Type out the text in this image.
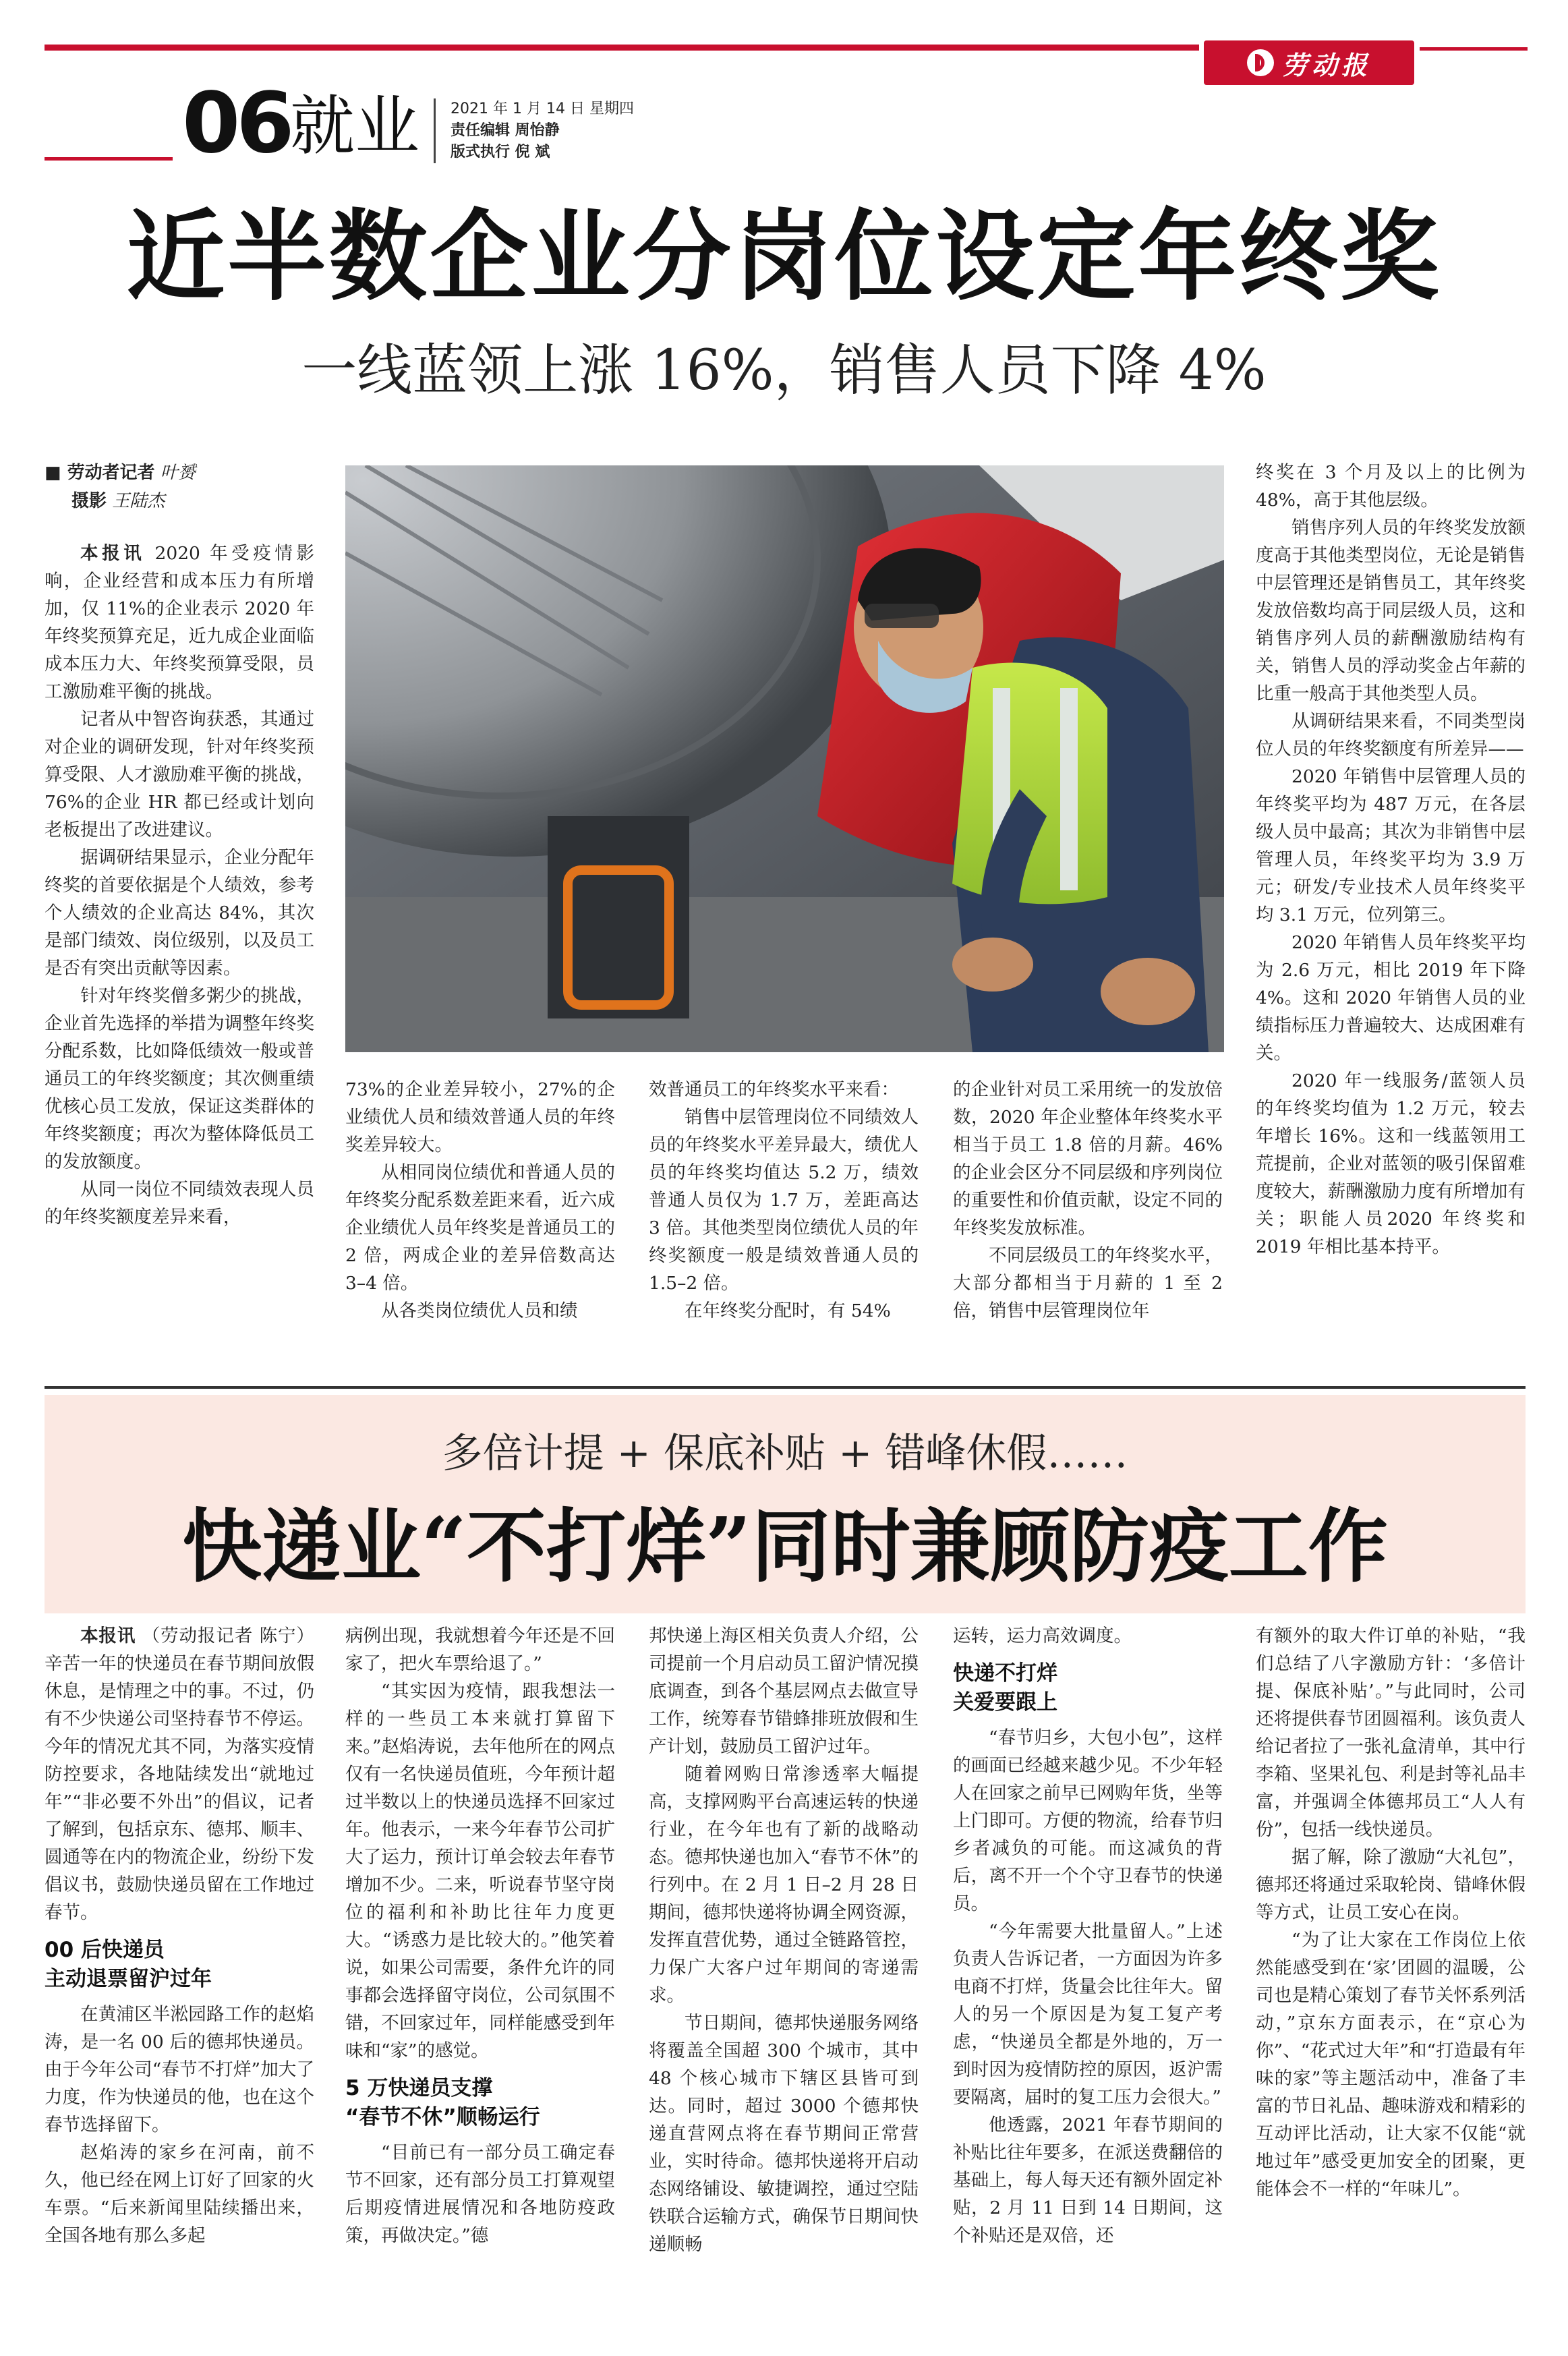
劳动报
06 就业 2021 年 1 月 14 日 星期四
责任编辑 周怡静
版式执行 倪 斌
近半数企业分岗位设定年终奖
一线蓝领上涨 16%，销售人员下降 4%
■ 劳动者记者 叶赟
摄影 王陆杰

本报讯 2020 年受疫情影响，企业经营和成本压力有所增加，仅 11%的企业表示 2020 年年终奖预算充足，近九成企业面临成本压力大、年终奖预算受限，员工激励难平衡的挑战。

记者从中智咨询获悉，其通过对企业的调研发现，针对年终奖预算受限、人才激励难平衡的挑战，76%的企业 HR 都已经或计划向老板提出了改进建议。

据调研结果显示，企业分配年终奖的首要依据是个人绩效，参考个人绩效的企业高达 84%，其次是部门绩效、岗位级别，以及员工是否有突出贡献等因素。

针对年终奖僧多粥少的挑战，企业首先选择的举措为调整年终奖分配系数，比如降低绩效一般或普通员工的年终奖额度；其次侧重绩优核心员工发放，保证这类群体的年终奖额度；再次为整体降低员工的发放额度。

从同一岗位不同绩效表现人员的年终奖额度差异来看，

73%的企业差异较小，27%的企业绩优人员和绩效普通人员的年终奖差异较大。

从相同岗位绩优和普通人员的年终奖分配系数差距来看，近六成企业绩优人员年终奖是普通员工的 2 倍，两成企业的差异倍数高达 3–4 倍。

从各类岗位绩优人员和绩

效普通员工的年终奖水平来看：

销售中层管理岗位不同绩效人员的年终奖水平差异最大，绩优人员的年终奖均值达 5.2 万，绩效普通人员仅为 1.7 万，差距高达 3 倍。其他类型岗位绩优人员的年终奖额度一般是绩效普通人员的 1.5–2 倍。

在年终奖分配时，有 54%

的企业针对员工采用统一的发放倍数，2020 年企业整体年终奖水平相当于员工 1.8 倍的月薪。46%的企业会区分不同层级和序列岗位的重要性和价值贡献，设定不同的年终奖发放标准。

不同层级员工的年终奖水平，大部分都相当于月薪的 1 至 2 倍，销售中层管理岗位年

终奖在 3 个月及以上的比例为 48%，高于其他层级。

销售序列人员的年终奖发放额度高于其他类型岗位，无论是销售中层管理还是销售员工，其年终奖发放倍数均高于同层级人员，这和销售序列人员的薪酬激励结构有关，销售人员的浮动奖金占年薪的比重一般高于其他类型人员。

从调研结果来看，不同类型岗位人员的年终奖额度有所差异——

2020 年销售中层管理人员的年终奖平均为 487 万元，在各层级人员中最高；其次为非销售中层管理人员，年终奖平均为 3.9 万元；研发/专业技术人员年终奖平均 3.1 万元，位列第三。

2020 年销售人员年终奖平均为 2.6 万元，相比 2019 年下降 4%。这和 2020 年销售人员的业绩指标压力普遍较大、达成困难有关。

2020 年一线服务/蓝领人员的年终奖均值为 1.2 万元，较去年增长 16%。这和一线蓝领用工荒提前，企业对蓝领的吸引保留难度较大，薪酬激励力度有所增加有关；职能人员2020 年终奖和 2019 年相比基本持平。

多倍计提 + 保底补贴 + 错峰休假……
快递业“不打烊”同时兼顾防疫工作

本报讯 （劳动报记者 陈宁）辛苦一年的快递员在春节期间放假休息，是情理之中的事。不过，仍有不少快递公司坚持春节不停运。今年的情况尤其不同，为落实疫情防控要求，各地陆续发出“就地过年”“非必要不外出”的倡议，记者了解到，包括京东、德邦、顺丰、圆通等在内的物流企业，纷纷下发倡议书，鼓励快递员留在工作地过春节。

00 后快递员
主动退票留沪过年

在黄浦区半淞园路工作的赵焰涛，是一名 00 后的德邦快递员。由于今年公司“春节不打烊”加大了力度，作为快递员的他，也在这个春节选择留下。

赵焰涛的家乡在河南，前不久，他已经在网上订好了回家的火车票。“后来新闻里陆续播出来，全国各地有那么多起

病例出现，我就想着今年还是不回家了，把火车票给退了。”

“其实因为疫情，跟我想法一样的一些员工本来就打算留下来。”赵焰涛说，去年他所在的网点仅有一名快递员值班，今年预计超过半数以上的快递员选择不回家过年。他表示，一来今年春节公司扩大了运力，预计订单会较去年春节增加不少。二来，听说春节坚守岗位的福利和补助比往年力度更大。“诱惑力是比较大的。”他笑着说，如果公司需要，条件允许的同事都会选择留守岗位，公司氛围不错，不回家过年，同样能感受到年味和“家”的感觉。

5 万快递员支撑
“春节不休”顺畅运行

“目前已有一部分员工确定春节不回家，还有部分员工打算观望后期疫情进展情况和各地防疫政策，再做决定。”德

邦快递上海区相关负责人介绍，公司提前一个月启动员工留沪情况摸底调查，到各个基层网点去做宣导工作，统筹春节错蜂排班放假和生产计划，鼓励员工留沪过年。

随着网购日常渗透率大幅提高，支撑网购平台高速运转的快递行业，在今年也有了新的战略动态。德邦快递也加入“春节不休”的行列中。在 2 月 1 日–2 月 28 日期间，德邦快递将协调全网资源，发挥直营优势，通过全链路管控，力保广大客户过年期间的寄递需求。

节日期间，德邦快递服务网络将覆盖全国超 300 个城市，其中 48 个核心城市下辖区县皆可到达。同时，超过 3000 个德邦快递直营网点将在春节期间正常营业，实时待命。德邦快递将开启动态网络铺设、敏捷调控，通过空陆铁联合运输方式，确保节日期间快递顺畅

运转，运力高效调度。

快递不打烊
关爱要跟上

“春节归乡，大包小包”，这样的画面已经越来越少见。不少年轻人在回家之前早已网购年货，坐等上门即可。方便的物流，给春节归乡者减负的可能。而这减负的背后，离不开一个个守卫春节的快递员。

“今年需要大批量留人。”上述负责人告诉记者，一方面因为许多电商不打烊，货量会比往年大。留人的另一个原因是为复工复产考虑，“快递员全都是外地的，万一到时因为疫情防控的原因，返沪需要隔离，届时的复工压力会很大。”

他透露，2021 年春节期间的补贴比往年要多，在派送费翻倍的基础上，每人每天还有额外固定补贴，2 月 11 日到 14 日期间，这个补贴还是双倍，还

有额外的取大件订单的补贴，“我们总结了八字激励方针：‘多倍计提、保底补贴’。”与此同时，公司还将提供春节团圆福利。该负责人给记者拉了一张礼盒清单，其中行李箱、坚果礼包、利是封等礼品丰富，并强调全体德邦员工“人人有份”，包括一线快递员。

据了解，除了激励“大礼包”，德邦还将通过采取轮岗、错峰休假等方式，让员工安心在岗。

“为了让大家在工作岗位上依然能感受到在‘家’团圆的温暖，公司也是精心策划了春节关怀系列活动，”京东方面表示，在“京心为你”、“花式过大年”和“打造最有年味的家”等主题活动中，准备了丰富的节日礼品、趣味游戏和精彩的互动评比活动，让大家不仅能“就地过年”感受更加安全的团聚，更能体会不一样的“年味儿”。
